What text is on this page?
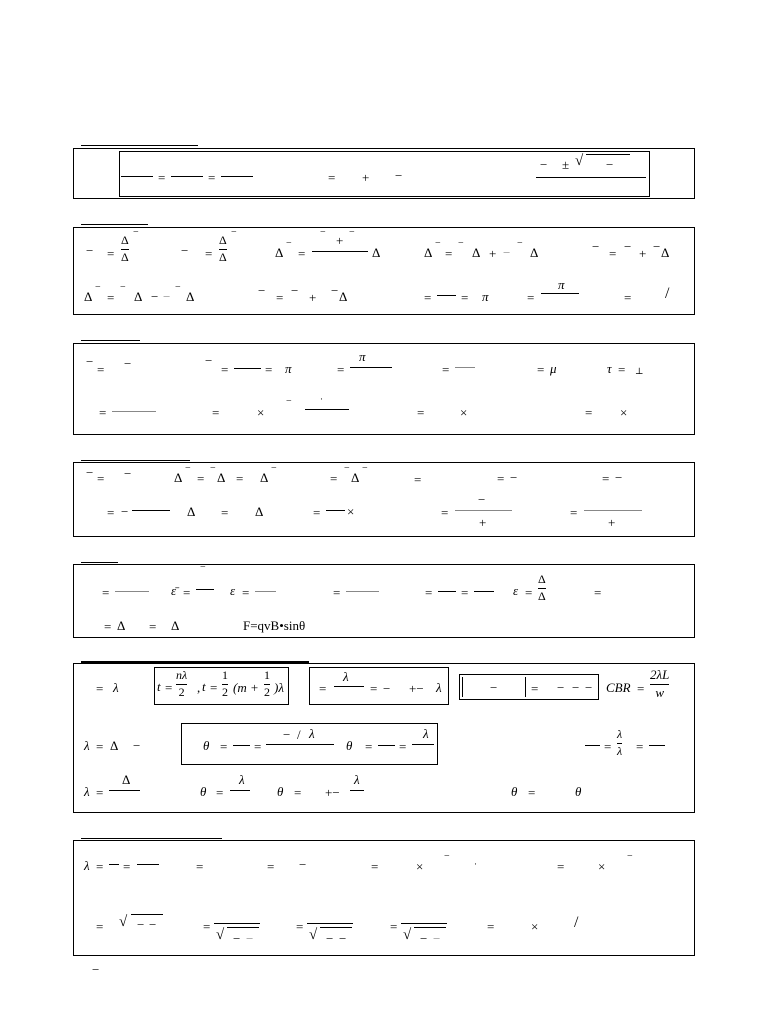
=	=	= + −
− ± √ −
− =
Δ
Δ
−
− =
Δ
Δ
−
Δ
−
=
−
+
−
Δ	Δ
−
=
−
Δ + −
−
Δ	− = − + − Δ
Δ
−
=
−
Δ − −
−
Δ	− = − + − Δ	= = π	=
π
= /
−
= −	−
=	= π	=
π
=	= μ	τ = ⊥
=	=	×
−	·
=	×	= ×
− = −	Δ
−
=
−
Δ = Δ
−
=
−
Δ
−
=	= −	= −
= −	Δ = Δ	= ×	=
−
+
=
+
=	ε̄ =
−
ε =	=	= =	ε =
Δ
Δ	=
= Δ = Δ	F=qvB•sinθ
= λ	t =
nλ
2 , t =
1
2 (m +
1
2 )λ	=
λ
= − +− λ	−	= − − − CBR =
2λL
w
λ = Δ −	θ = =
− / λ
θ = =
λ
=
λ
λ =
λ =
Δ
θ =
λ
θ = +−
λ
θ =	θ
λ = =	=	= −	=	×
−
·	=	×
−
= √ − −	=
√ − −
=
√ − −
=
√ − −
=	× /
−
